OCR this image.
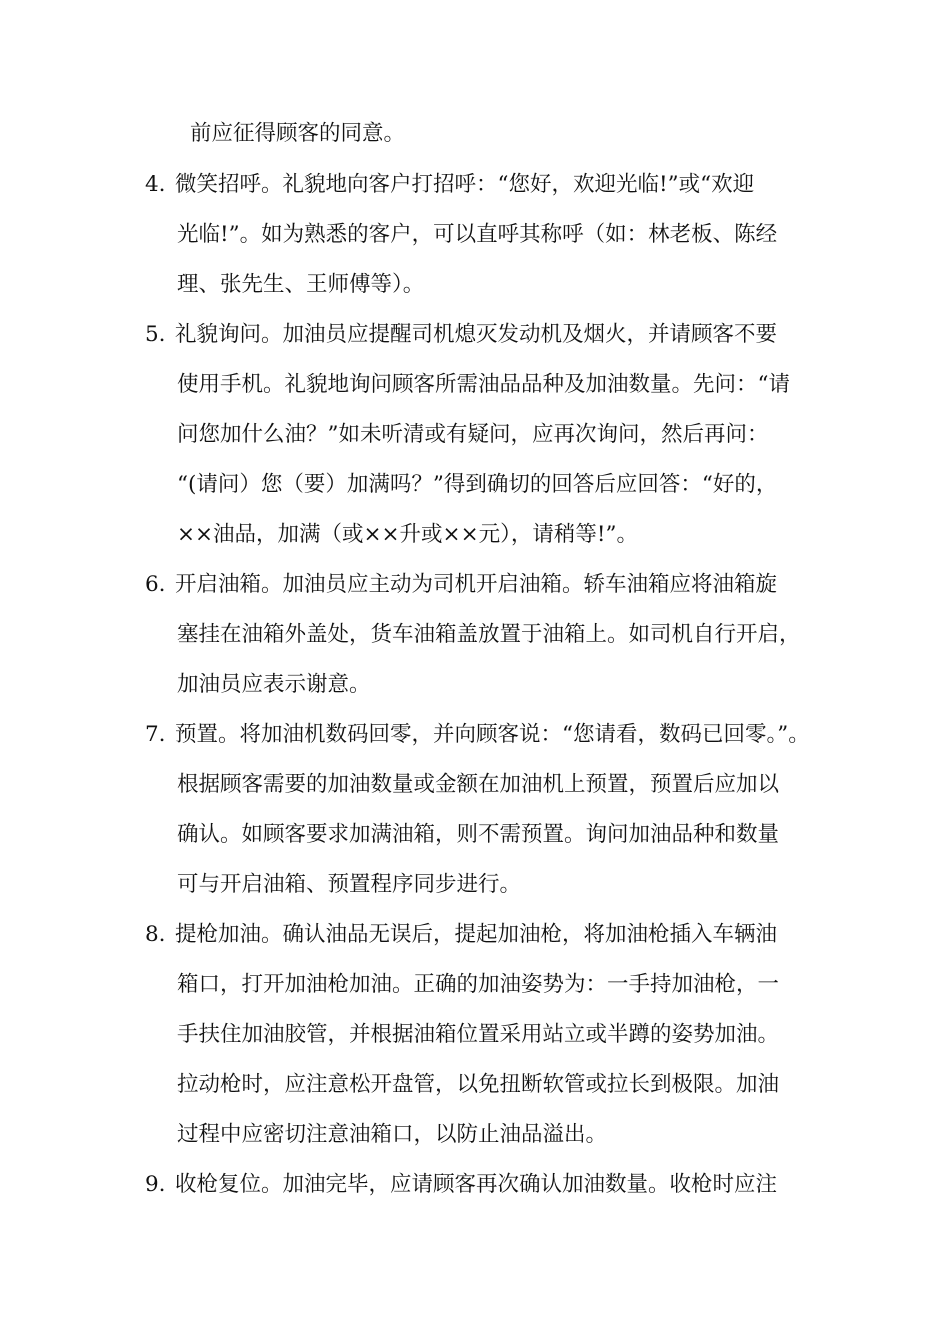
前应征得顾客的同意。
4. 微笑招呼。礼貌地向客户打招呼：“您好，欢迎光临!”或“欢迎
光临!”。如为熟悉的客户，可以直呼其称呼（如：林老板、陈经
理、张先生、王师傅等）。
5. 礼貌询问。加油员应提醒司机熄灭发动机及烟火，并请顾客不要
使用手机。礼貌地询问顾客所需油品品种及加油数量。先问：“请
问您加什么油？”如未听清或有疑问，应再次询问，然后再问：
“(请问）您（要）加满吗？”得到确切的回答后应回答：“好的，
××油品，加满（或××升或××元），请稍等!”。
6. 开启油箱。加油员应主动为司机开启油箱。轿车油箱应将油箱旋
塞挂在油箱外盖处，货车油箱盖放置于油箱上。如司机自行开启，
加油员应表示谢意。
7. 预置。将加油机数码回零，并向顾客说：“您请看，数码已回零。”。
根据顾客需要的加油数量或金额在加油机上预置，预置后应加以
确认。如顾客要求加满油箱，则不需预置。询问加油品种和数量
可与开启油箱、预置程序同步进行。
8. 提枪加油。确认油品无误后，提起加油枪，将加油枪插入车辆油
箱口，打开加油枪加油。正确的加油姿势为：一手持加油枪，一
手扶住加油胶管，并根据油箱位置采用站立或半蹲的姿势加油。
拉动枪时，应注意松开盘管，以免扭断软管或拉长到极限。加油
过程中应密切注意油箱口，以防止油品溢出。
9. 收枪复位。加油完毕，应请顾客再次确认加油数量。收枪时应注
